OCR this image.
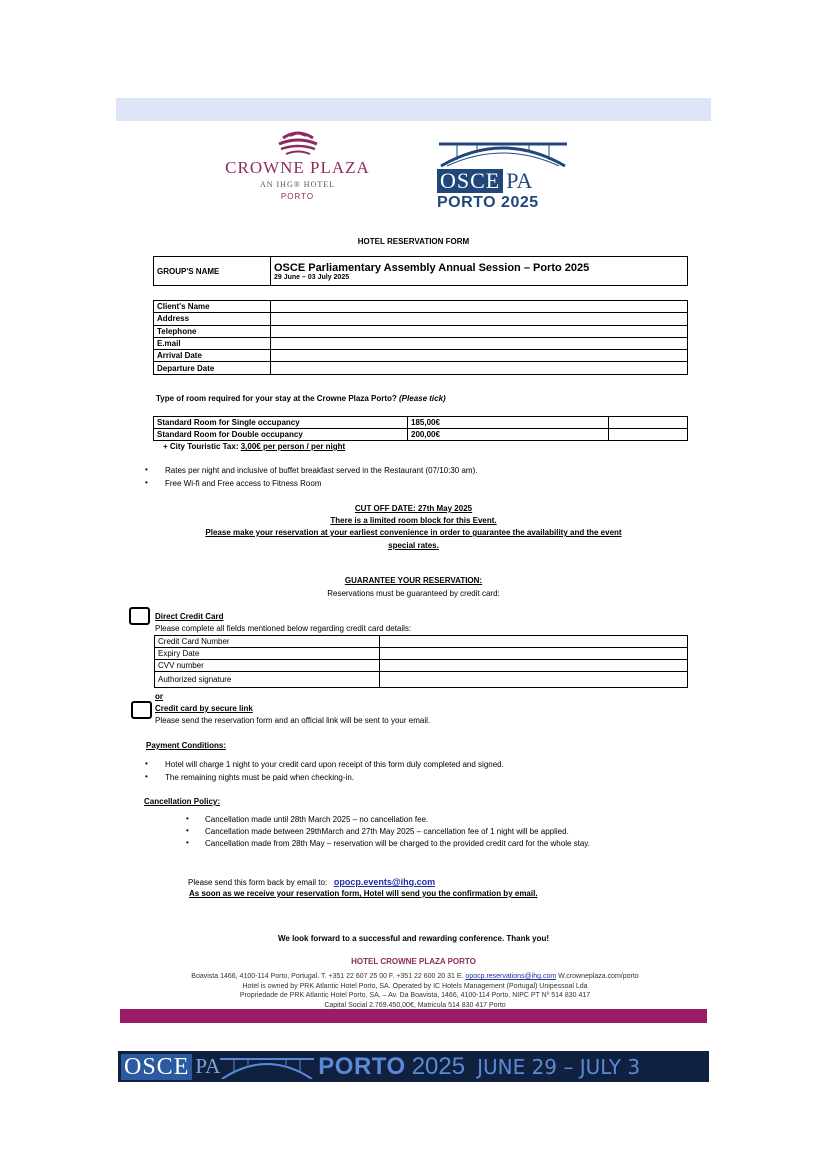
CROWNE PLAZA
AN IHG® HOTEL
PORTO
OSCE PA
PORTO 2025
HOTEL RESERVATION FORM
GROUP'S NAME	OSCE Parliamentary Assembly Annual Session – Porto 2025
29 June – 03 July 2025
Client's Name	
Address	
Telephone	
E.mail	
Arrival Date	
Departure Date	
Type of room required for your stay at the Crowne Plaza Porto? (Please tick)
Standard Room for Single occupancy	185,00€	
Standard Room for Double occupancy	200,00€	
+ City Touristic Tax: 3,00€ per person / per night
• Rates per night and inclusive of buffet breakfast served in the Restaurant (07/10:30 am).
• Free Wi-fi and Free access to Fitness Room
CUT OFF DATE: 27th May 2025
There is a limited room block for this Event.
Please make your reservation at your earliest convenience in order to guarantee the availability and the event
special rates.
GUARANTEE YOUR RESERVATION:
Reservations must be guaranteed by credit card:
Direct Credit Card
Please complete all fields mentioned below regarding credit card details:
Credit Card Number	
Expiry Date	
CVV number	
Authorized signature	
or
Credit card by secure link
Please send the reservation form and an official link will be sent to your email.
Payment Conditions:
• Hotel will charge 1 night to your credit card upon receipt of this form duly completed and signed.
• The remaining nights must be paid when checking-in.
Cancellation Policy:
• Cancellation made until 28th March 2025 – no cancellation fee.
• Cancellation made between 29thMarch and 27th May 2025 – cancellation fee of 1 night will be applied.
• Cancellation made from 28th May – reservation will be charged to the provided credit card for the whole stay.
Please send this form back by email to: opocp.events@ihg.com
As soon as we receive your reservation form, Hotel will send you the confirmation by email.
We look forward to a successful and rewarding conference. Thank you!
HOTEL CROWNE PLAZA PORTO
Boavista 1466, 4100-114 Porto, Portugal. T. +351 22 607 25 00 F. +351 22 600 20 31 E. opocp.reservations@ihg.com W.crowneplaza.com/porto
Hotel is owned by PRK Atlantic Hotel Porto, SA. Operated by IC Hotels Management (Portugal) Unipessoal Lda
Propriedade de PRK Atlantic Hotel Porto, SA. – Av. Da Boavista, 1466, 4100-114 Porto. NIPC PT Nº 514 830 417
Capital Social 2.769.450,00€, Matricula 514 830 417 Porto
OSCE PA	PORTO 2025 JUNE 29 – JULY 3
